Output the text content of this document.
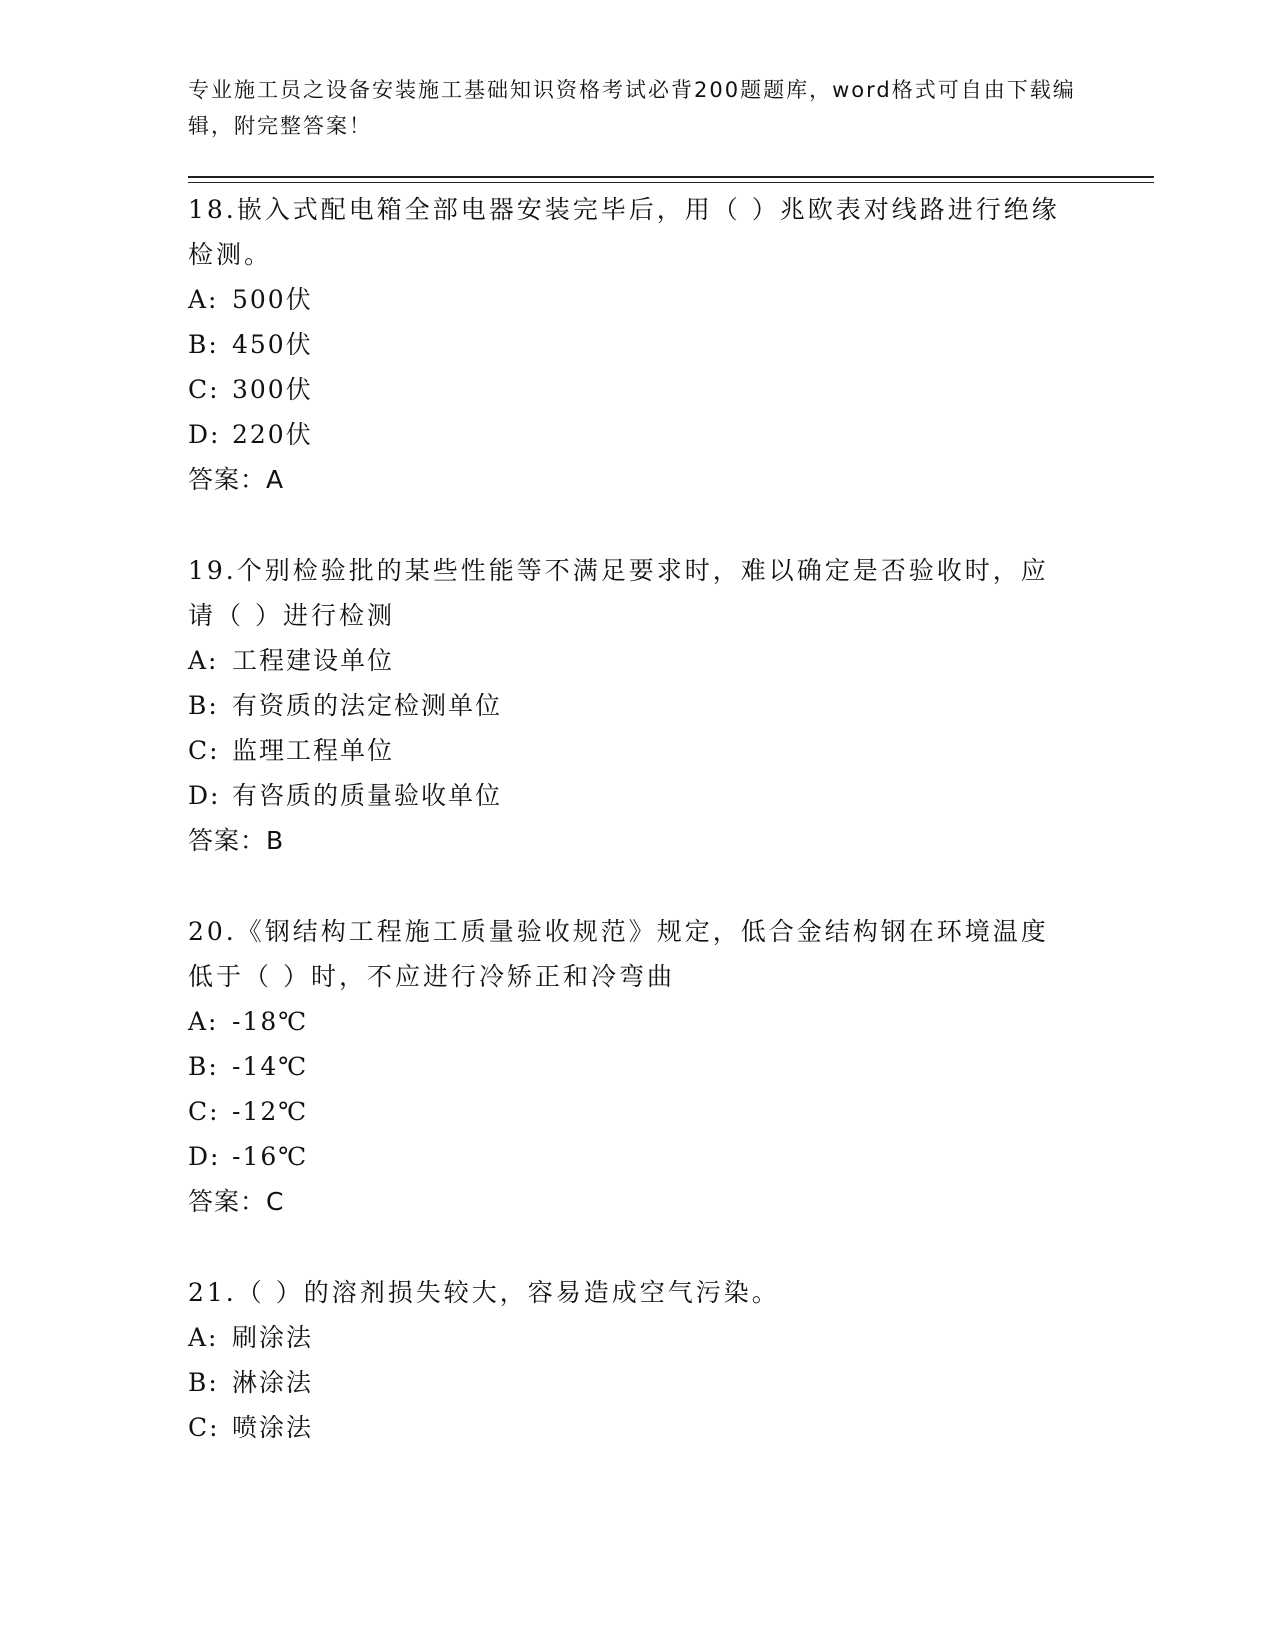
专业施工员之设备安装施工基础知识资格考试必背200题题库，word格式可自由下载编辑，附完整答案！
18.嵌入式配电箱全部电器安装完毕后，用（ ）兆欧表对线路进行绝缘检测。
A: 500伏
B: 450伏
C: 300伏
D: 220伏
答案：A
19.个别检验批的某些性能等不满足要求时，难以确定是否验收时，应请（ ）进行检测
A: 工程建设单位
B: 有资质的法定检测单位
C: 监理工程单位
D: 有咨质的质量验收单位
答案：B
20.《钢结构工程施工质量验收规范》规定，低合金结构钢在环境温度低于（ ）时，不应进行冷矫正和冷弯曲
A: -18℃
B: -14℃
C: -12℃
D: -16℃
答案：C
21.（ ）的溶剂损失较大，容易造成空气污染。
A: 刷涂法
B: 淋涂法
C: 喷涂法
